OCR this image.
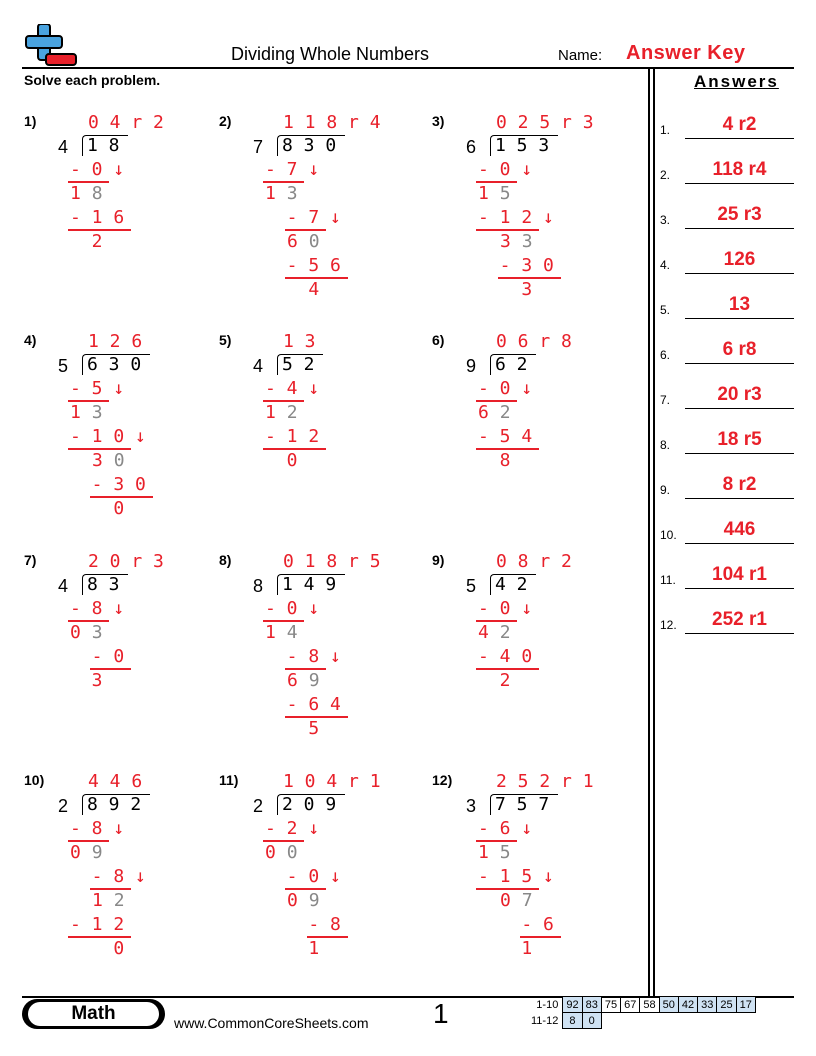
Dividing Whole Numbers	Name: Answer Key
Solve each problem.	Answers
1.	4 r2
2.	118 r4
3.	25 r3
4.	126
5.	13
6.	6 r8
7.	20 r3
8.	18 r5
9.	8 r2
10.	446
11.	104 r1
12.	252 r1
1)	0 4 r 2
4 1 8
- 0 ↓
1 8
- 1 6
2
2)	1 1 8 r 4
7 8 3 0
- 7 ↓
1 3
- 7 ↓
6 0
- 5 6
4
3)	0 2 5 r 3
6 1 5 3
- 0 ↓
1 5
- 1 2 ↓
3 3
- 3 0
3
4)	1 2 6
5 6 3 0
- 5 ↓
1 3
- 1 0 ↓
3 0
- 3 0
0
5)	1 3
4 5 2
- 4 ↓
1 2
- 1 2
0
6)	0 6 r 8
9 6 2
- 0 ↓
6 2
- 5 4
8
7)	2 0 r 3
4 8 3
- 8 ↓
0 3
- 0
3
8)	0 1 8 r 5
8 1 4 9
- 0 ↓
1 4
- 8 ↓
6 9
- 6 4
5
9)	0 8 r 2
5 4 2
- 0 ↓
4 2
- 4 0
2
10) 4 4 6
2 8 9 2
- 8 ↓
0 9
- 8 ↓
1 2
- 1 2
0
11) 1 0 4 r 1
2 2 0 9
- 2 ↓
0 0
- 0 ↓
0 9
- 8
1
12) 2 5 2 r 1
3 7 5 7
- 6 ↓
1 5
- 1 5 ↓
0 7
- 6
1
Math	www.CommonCoreSheets.com 1	1-10	92	83	75	67	58	50	42	33	25	17
11-12	8	0								
